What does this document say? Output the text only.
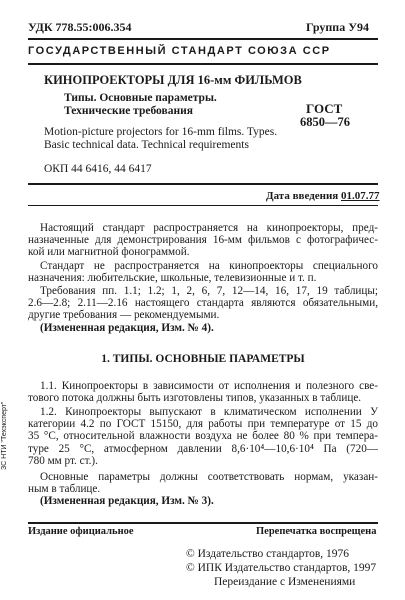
УДК 778.55:006.354	Группа У94
ГОСУДАРСТВЕННЫЙ СТАНДАРТ СОЮЗА ССР
КИНОПРОЕКТОРЫ ДЛЯ 16-мм ФИЛЬМОВ
Типы. Основные параметры.
Технические требования	ГОСТ
6850—76
Motion-picture projectors for 16-mm films. Types.
Basic technical data. Technical requirements
ОКП 44 6416, 44 6417
Дата введения 01.07.77
Настоящий стандарт распространяется на кинопроекторы, пред-
назначенные для демонстрирования 16-мм фильмов с фотографичес-
кой или магнитной фонограммой.
Стандарт не распространяется на кинопроекторы специального
назначения: любительские, школьные, телевизионные и т. п.
Требования пп. 1.1; 1.2; 1, 2, 6, 7, 12—14, 16, 17, 19 таблицы;
2.6—2.8; 2.11—2.16 настоящего стандарта являются обязательными,
другие требования — рекомендуемыми.
(Измененная редакция, Изм. № 4).
1. ТИПЫ. ОСНОВНЫЕ ПАРАМЕТРЫ
1.1. Кинопроекторы в зависимости от исполнения и полезного све-
тового потока должны быть изготовлены типов, указанных в таблице.
1.2. Кинопроекторы выпускают в климатическом исполнении У
категории 4.2 по ГОСТ 15150, для работы при температуре от 15 до
35 °С, относительной влажности воздуха не более 80 % при темпера-
туре 25 °С, атмосферном давлении 8,6·10⁴—10,6·10⁴ Па (720—
780 мм рт. ст.).
Основные параметры должны соответствовать нормам, указан-
ным в таблице.
(Измененная редакция, Изм. № 3).
Издание официальное	Перепечатка воспрещена
© Издательство стандартов, 1976
© ИПК Издательство стандартов, 1997
Переиздание с Изменениями
ЗС НТИ "Техэксперт"
